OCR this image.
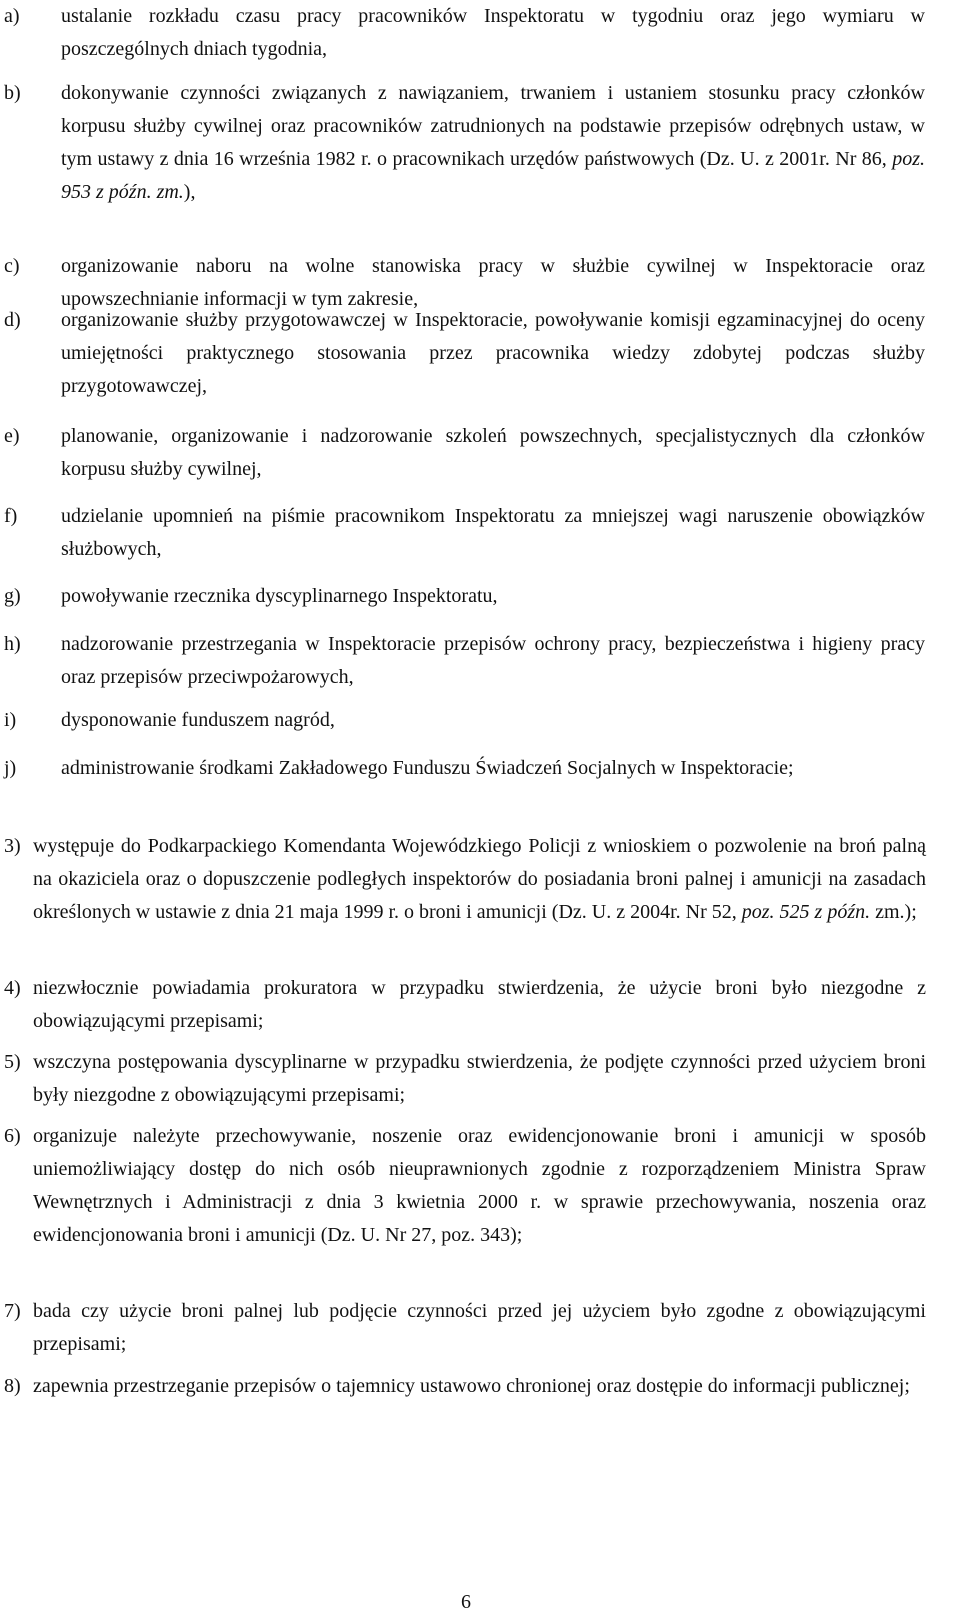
a)	ustalanie rozkładu czasu pracy pracowników Inspektoratu w tygodniu oraz jego wymiaru w poszczególnych dniach tygodnia,
b)	dokonywanie czynności związanych z nawiązaniem, trwaniem i ustaniem stosunku pracy członków korpusu służby cywilnej oraz pracowników zatrudnionych na podstawie przepisów odrębnych ustaw, w tym ustawy z dnia 16 września 1982 r. o pracownikach urzędów państwowych (Dz. U. z 2001r. Nr 86, poz. 953 z późn. zm.),
c)	organizowanie naboru na wolne stanowiska pracy w służbie cywilnej w Inspektoracie oraz upowszechnianie informacji w tym zakresie,
d)	organizowanie służby przygotowawczej w Inspektoracie, powoływanie komisji egzaminacyjnej do oceny umiejętności praktycznego stosowania przez pracownika wiedzy zdobytej podczas służby przygotowawczej,
e)	planowanie, organizowanie i nadzorowanie szkoleń powszechnych, specjalistycznych dla członków korpusu służby cywilnej,
f)	udzielanie upomnień na piśmie pracownikom Inspektoratu za mniejszej wagi naruszenie obowiązków służbowych,
g)	powoływanie rzecznika dyscyplinarnego Inspektoratu,
h)	nadzorowanie przestrzegania w Inspektoracie przepisów ochrony pracy, bezpieczeństwa i higieny pracy oraz przepisów przeciwpożarowych,
i)	dysponowanie funduszem nagród,
j)	administrowanie środkami Zakładowego Funduszu Świadczeń Socjalnych w Inspektoracie;
3) występuje do Podkarpackiego Komendanta Wojewódzkiego Policji z wnioskiem o pozwolenie na broń palną na okaziciela oraz o dopuszczenie podległych inspektorów do posiadania broni palnej i amunicji na zasadach określonych w ustawie z dnia 21 maja 1999 r. o broni i amunicji (Dz. U. z 2004r. Nr 52, poz. 525 z późn. zm.);
4) niezwłocznie powiadamia prokuratora w przypadku stwierdzenia, że użycie broni było niezgodne z obowiązującymi przepisami;
5) wszczyna postępowania dyscyplinarne w przypadku stwierdzenia, że podjęte czynności przed użyciem broni były niezgodne z obowiązującymi przepisami;
6) organizuje należyte przechowywanie, noszenie oraz ewidencjonowanie broni i amunicji w sposób uniemożliwiający dostęp do nich osób nieuprawnionych zgodnie z rozporządzeniem Ministra Spraw Wewnętrznych i Administracji z dnia 3 kwietnia 2000 r. w sprawie przechowywania, noszenia oraz ewidencjonowania broni i amunicji (Dz. U. Nr 27, poz. 343);
7) bada czy użycie broni palnej lub podjęcie czynności przed jej użyciem było zgodne z obowiązującymi przepisami;
8) zapewnia przestrzeganie przepisów o tajemnicy ustawowo chronionej oraz dostępie do informacji publicznej;
6
